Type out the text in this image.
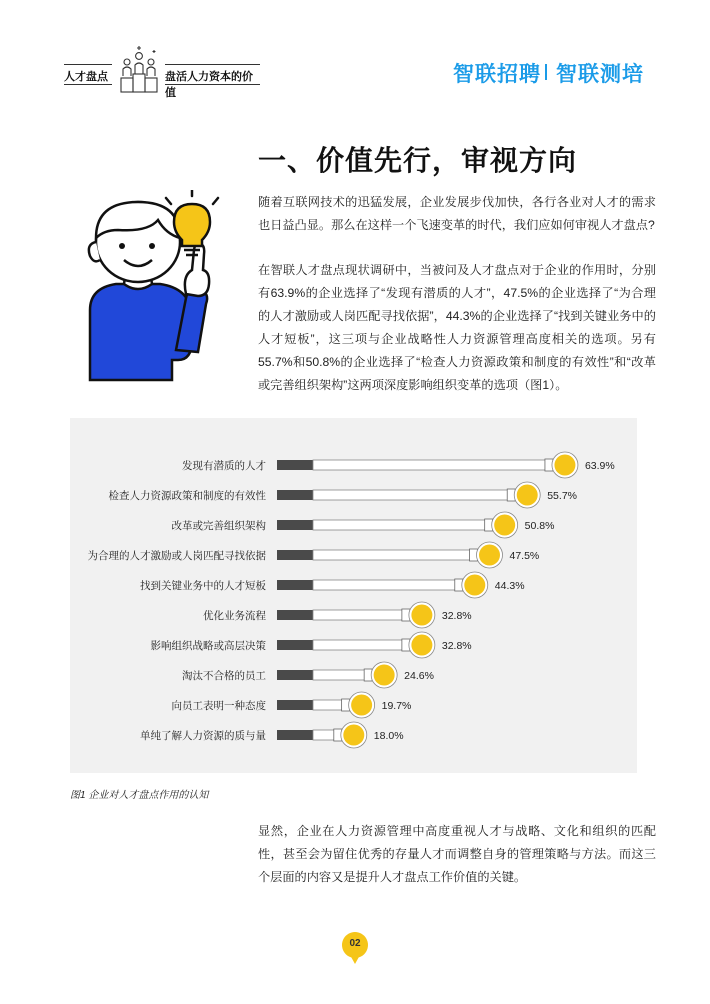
人才盘点	盘活人力资本的价值
智联招聘 智联测培
一、价值先行，审视方向

随着互联网技术的迅猛发展，企业发展步伐加快，各行各业对人才的需求也日益凸显。那么在这样一个飞速变革的时代，我们应如何审视人才盘点?

在智联人才盘点现状调研中，当被问及人才盘点对于企业的作用时，分别有63.9%的企业选择了“发现有潜质的人才”，47.5%的企业选择了“为合理的人才激励或人岗匹配寻找依据”，44.3%的企业选择了“找到关键业务中的人才短板”，这三项与企业战略性人力资源管理高度相关的选项。另有55.7%和50.8%的企业选择了“检查人力资源政策和制度的有效性”和“改革或完善组织架构”这两项深度影响组织变革的选项（图1）。

发现有潜质的人才	63.9%
检查人力资源政策和制度的有效性	55.7%
改革或完善组织架构	50.8%
为合理的人才激励或人岗匹配寻找依据	47.5%
找到关键业务中的人才短板	44.3%
优化业务流程	32.8%
影响组织战略或高层决策	32.8%
淘汰不合格的员工	24.6%
向员工表明一种态度	19.7%
单纯了解人力资源的质与量	18.0%
图1 企业对人才盘点作用的认知

显然，企业在人力资源管理中高度重视人才与战略、文化和组织的匹配性，甚至会为留住优秀的存量人才而调整自身的管理策略与方法。而这三个层面的内容又是提升人才盘点工作价值的关键。

02
